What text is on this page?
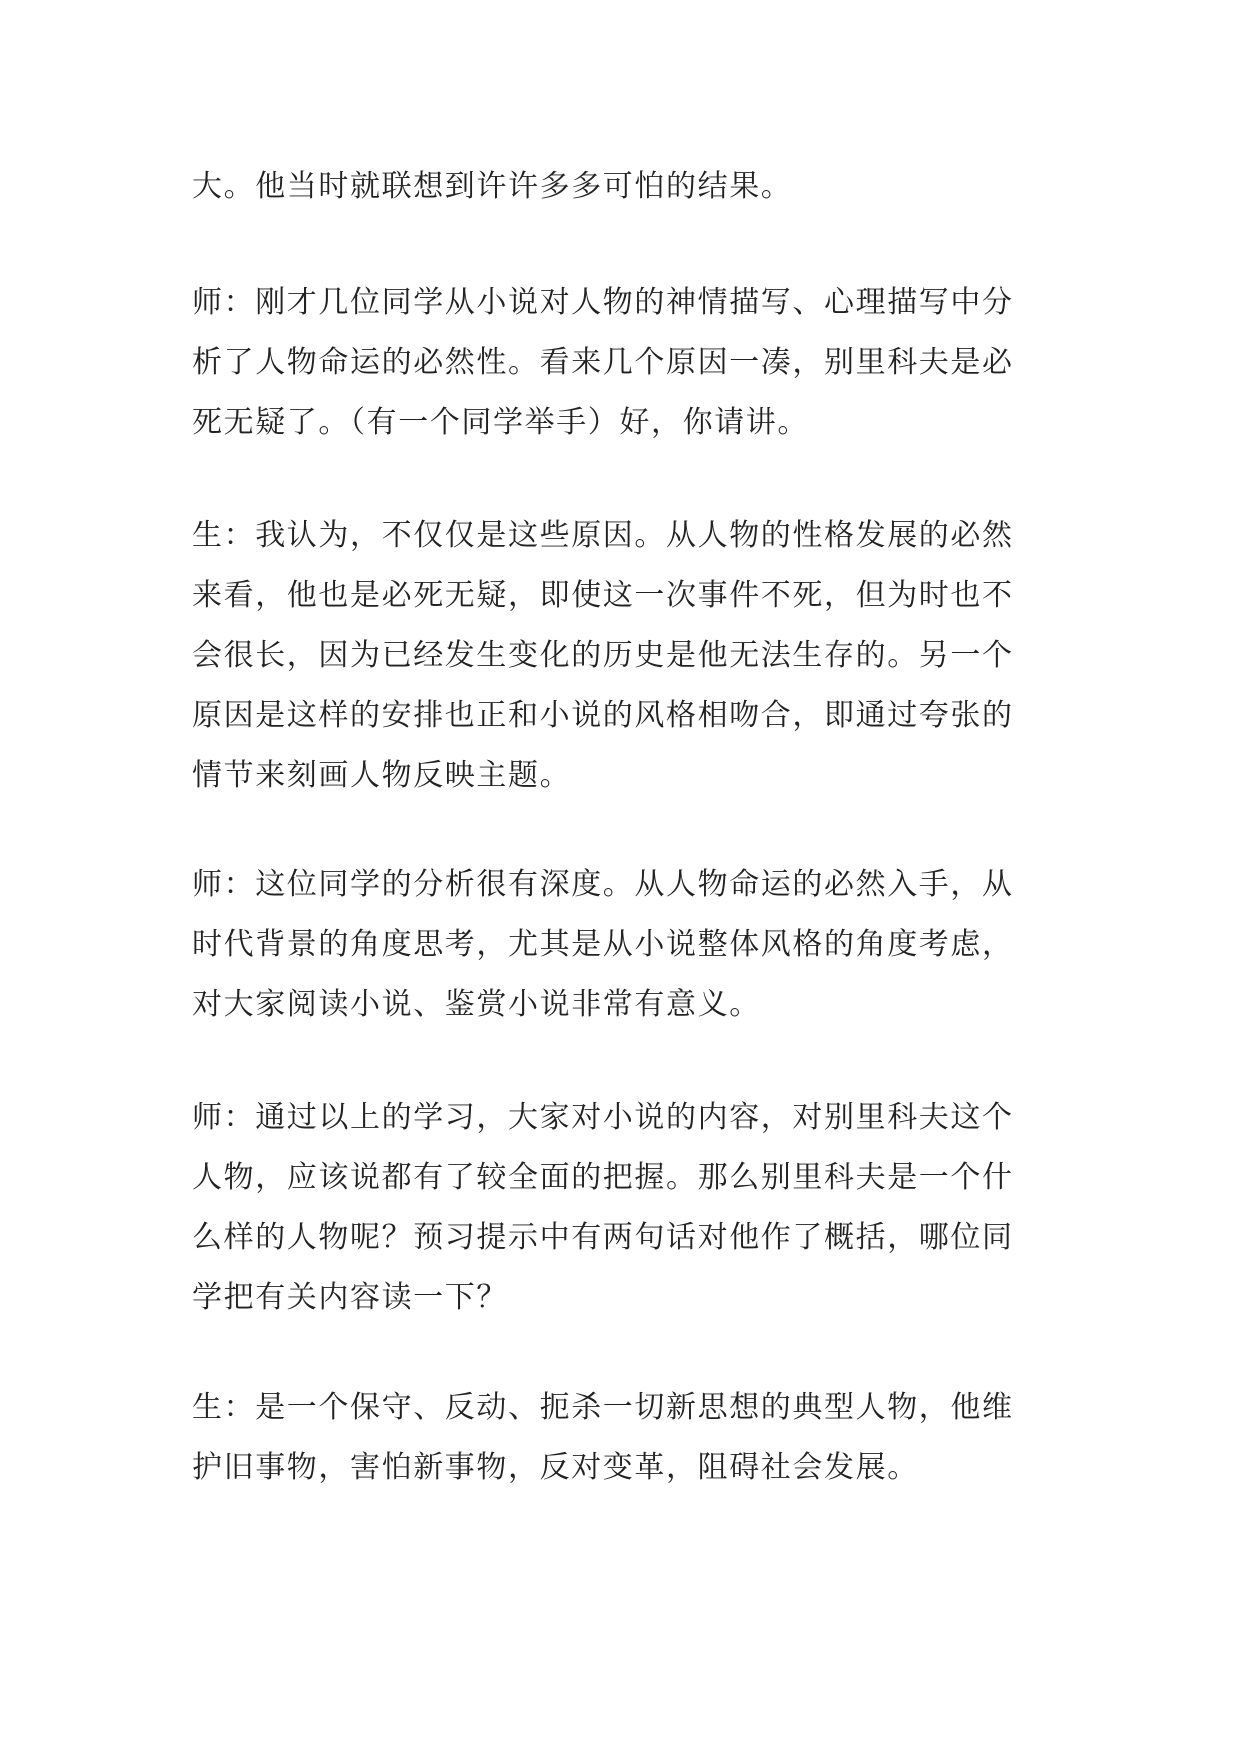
大。他当时就联想到许许多多可怕的结果。
师：刚才几位同学从小说对人物的神情描写、心理描写中分
析了人物命运的必然性。看来几个原因一凑，别里科夫是必
死无疑了。（有一个同学举手）好，你请讲。
生：我认为，不仅仅是这些原因。从人物的性格发展的必然
来看，他也是必死无疑，即使这一次事件不死，但为时也不
会很长，因为已经发生变化的历史是他无法生存的。另一个
原因是这样的安排也正和小说的风格相吻合，即通过夸张的
情节来刻画人物反映主题。
师：这位同学的分析很有深度。从人物命运的必然入手，从
时代背景的角度思考，尤其是从小说整体风格的角度考虑，
对大家阅读小说、鉴赏小说非常有意义。
师：通过以上的学习，大家对小说的内容，对别里科夫这个
人物，应该说都有了较全面的把握。那么别里科夫是一个什
么样的人物呢？预习提示中有两句话对他作了概括，哪位同
学把有关内容读一下？
生：是一个保守、反动、扼杀一切新思想的典型人物，他维
护旧事物，害怕新事物，反对变革，阻碍社会发展。
